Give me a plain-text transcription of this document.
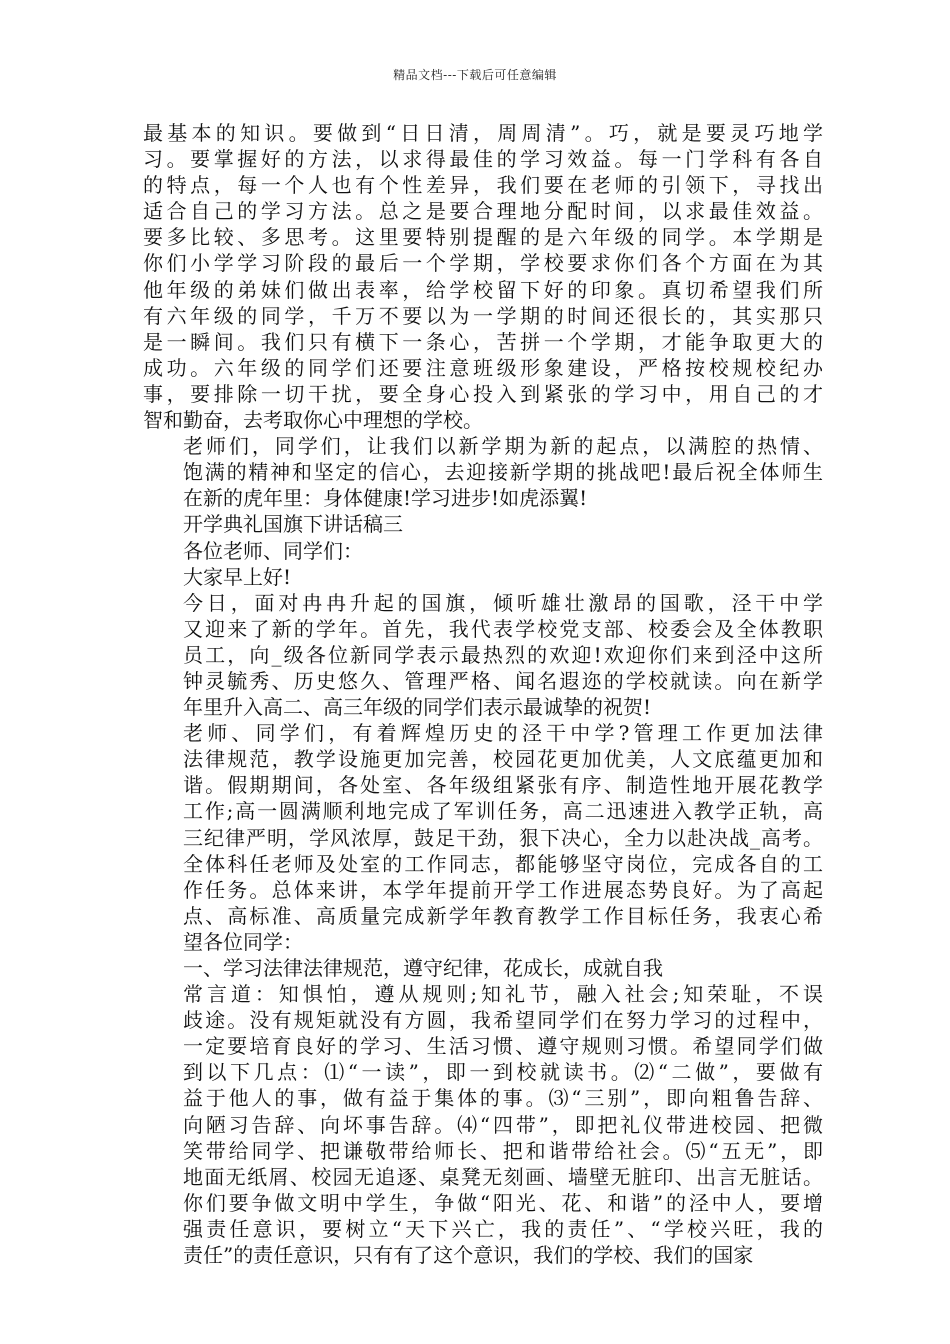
精品文档---下载后可任意编辑

最基本的知识。要做到“日日清，周周清”。巧，就是要灵巧地学
习。要掌握好的方法，以求得最佳的学习效益。每一门学科有各自
的特点，每一个人也有个性差异，我们要在老师的引领下，寻找出
适合自己的学习方法。总之是要合理地分配时间，以求最佳效益。
要多比较、多思考。这里要特别提醒的是六年级的同学。本学期是
你们小学学习阶段的最后一个学期，学校要求你们各个方面在为其
他年级的弟妹们做出表率，给学校留下好的印象。真切希望我们所
有六年级的同学，千万不要以为一学期的时间还很长的，其实那只
是一瞬间。我们只有横下一条心，苦拼一个学期，才能争取更大的
成功。六年级的同学们还要注意班级形象建设，严格按校规校纪办
事，要排除一切干扰，要全身心投入到紧张的学习中，用自己的才
智和勤奋，去考取你心中理想的学校。

老师们，同学们，让我们以新学期为新的起点，以满腔的热情、
饱满的精神和坚定的信心，去迎接新学期的挑战吧!最后祝全体师生
在新的虎年里：身体健康!学习进步!如虎添翼!

开学典礼国旗下讲话稿三

各位老师、同学们：

大家早上好!

今日，面对冉冉升起的国旗，倾听雄壮激昂的国歌，泾干中学
又迎来了新的学年。首先，我代表学校党支部、校委会及全体教职
员工，向_级各位新同学表示最热烈的欢迎!欢迎你们来到泾中这所
钟灵毓秀、历史悠久、管理严格、闻名遐迩的学校就读。向在新学
年里升入高二、高三年级的同学们表示最诚挚的祝贺!

老师、同学们，有着辉煌历史的泾干中学?管理工作更加法律
法律规范，教学设施更加完善，校园花更加优美，人文底蕴更加和
谐。假期期间，各处室、各年级组紧张有序、制造性地开展花教学
工作;高一圆满顺利地完成了军训任务，高二迅速进入教学正轨，高
三纪律严明，学风浓厚，鼓足干劲，狠下决心，全力以赴决战_高考。
全体科任老师及处室的工作同志，都能够坚守岗位，完成各自的工
作任务。总体来讲，本学年提前开学工作进展态势良好。为了高起
点、高标准、高质量完成新学年教育教学工作目标任务，我衷心希
望各位同学：

一、学习法律法律规范，遵守纪律，花成长，成就自我

常言道：知惧怕，遵从规则;知礼节，融入社会;知荣耻，不误
歧途。没有规矩就没有方圆，我希望同学们在努力学习的过程中，
一定要培育良好的学习、生活习惯、遵守规则习惯。希望同学们做
到以下几点：⑴“一读”，即一到校就读书。⑵“二做”，要做有
益于他人的事，做有益于集体的事。⑶“三别”，即向粗鲁告辞、
向陋习告辞、向坏事告辞。⑷“四带”，即把礼仪带进校园、把微
笑带给同学、把谦敬带给师长、把和谐带给社会。⑸“五无”，即
地面无纸屑、校园无追逐、桌凳无刻画、墙壁无脏印、出言无脏话。
你们要争做文明中学生，争做“阳光、花、和谐”的泾中人，要增
强责任意识，要树立“天下兴亡，我的责任”、“学校兴旺，我的
责任”的责任意识，只有有了这个意识，我们的学校、我们的国家
